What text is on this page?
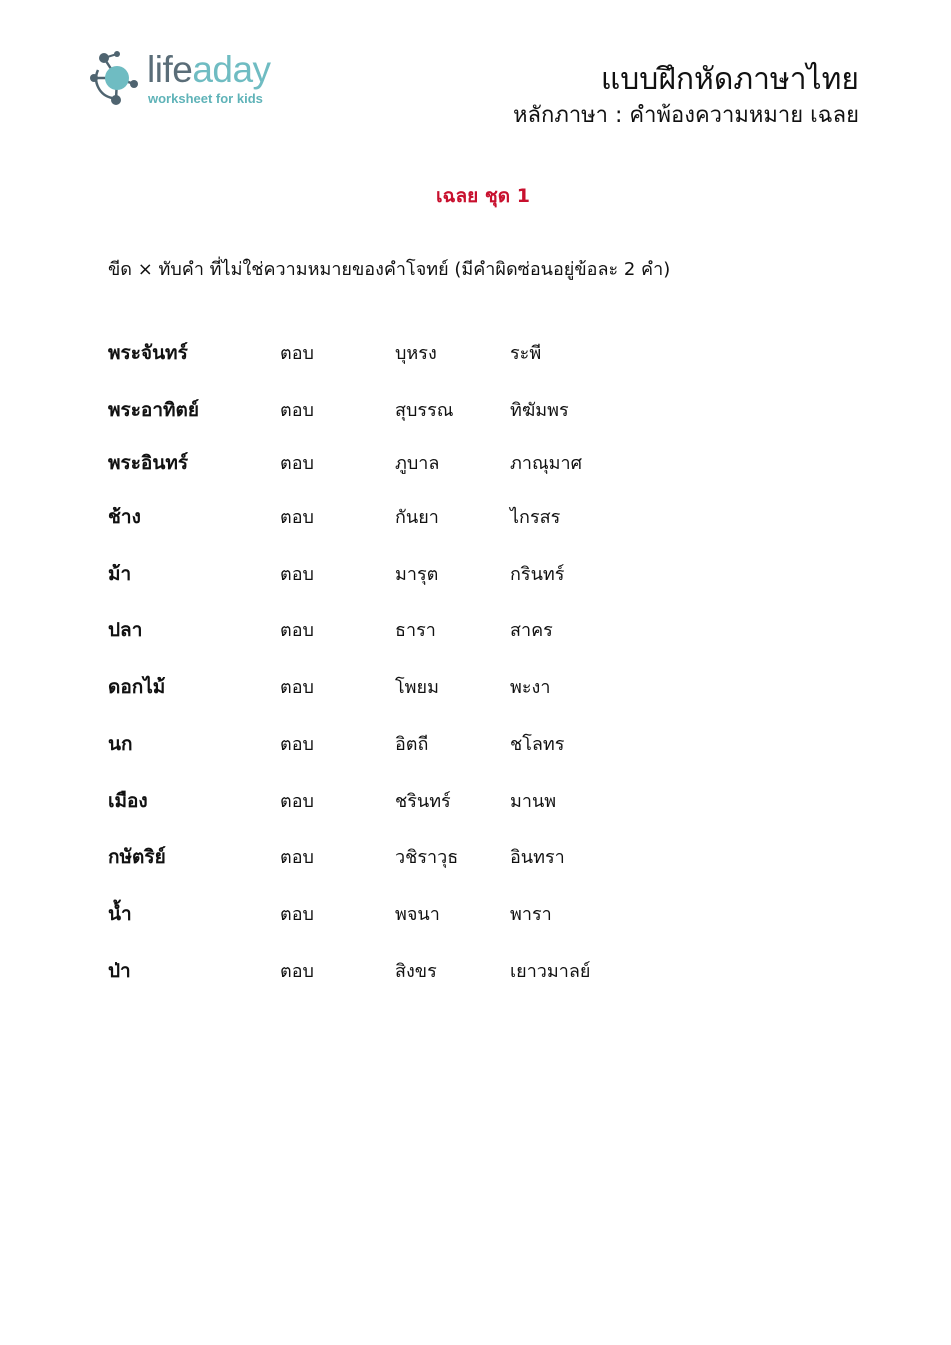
lifeaday
worksheet for kids
แบบฝึกหัดภาษาไทย
หลักภาษา : คำพ้องความหมาย เฉลย
เฉลย ชุด 1
ขีด × ทับคำ ที่ไม่ใช่ความหมายของคำโจทย์ (มีคำผิดซ่อนอยู่ข้อละ 2 คำ)
พระจันทร์	ตอบ	บุหรง	ระพี
พระอาทิตย์	ตอบ	สุบรรณ	ทิฆัมพร
พระอินทร์	ตอบ	ภูบาล	ภาณุมาศ
ช้าง	ตอบ	กันยา	ไกรสร
ม้า	ตอบ	มารุต	กรินทร์
ปลา	ตอบ	ธารา	สาคร
ดอกไม้	ตอบ	โพยม	พะงา
นก	ตอบ	อิตถี	ชโลทร
เมือง	ตอบ	ชรินทร์	มานพ
กษัตริย์	ตอบ	วชิราวุธ	อินทรา
น้ำ	ตอบ	พจนา	พารา
ป่า	ตอบ	สิงขร	เยาวมาลย์
